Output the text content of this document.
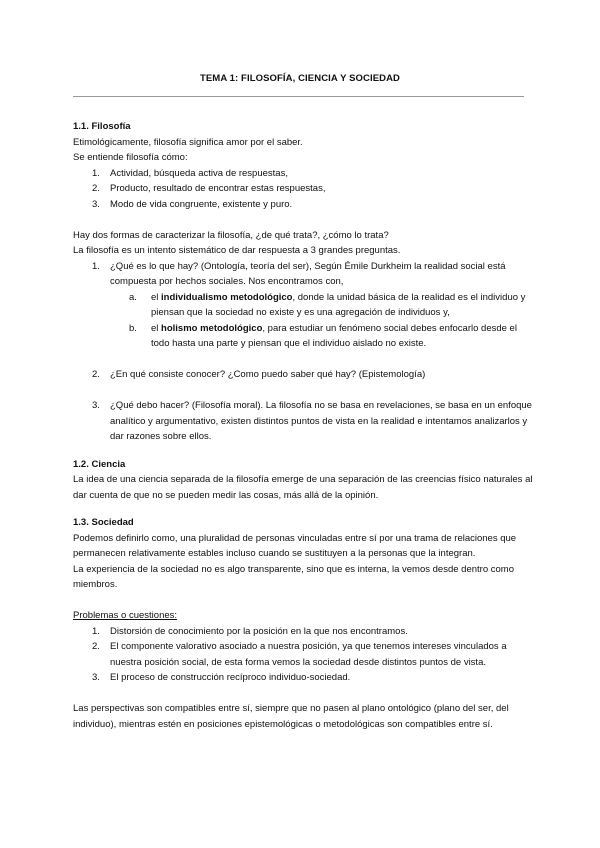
TEMA 1: FILOSOFÍA, CIENCIA Y SOCIEDAD

1.1. Filosofía

Etimológicamente, filosofía significa amor por el saber.

Se entiende filosofía cómo:

1. Actividad, búsqueda activa de respuestas,
2. Producto, resultado de encontrar estas respuestas,
3. Modo de vida congruente, existente y puro.

Hay dos formas de caracterizar la filosofía, ¿de qué trata?, ¿cómo lo trata?

La filosofía es un intento sistemático de dar respuesta a 3 grandes preguntas.

1. ¿Qué es lo que hay? (Ontología, teoría del ser), Según Émile Durkheim la realidad social está compuesta por hechos sociales. Nos encontramos con,
a. el individualismo metodológico, donde la unidad básica de la realidad es el individuo y piensan que la sociedad no existe y es una agregación de individuos y,
b. el holismo metodológico, para estudiar un fenómeno social debes enfocarlo desde el todo hasta una parte y piensan que el individuo aislado no existe.
2. ¿En qué consiste conocer? ¿Como puedo saber qué hay? (Epistemología)
3. ¿Qué debo hacer? (Filosofía moral). La filosofía no se basa en revelaciones, se basa en un enfoque analítico y argumentativo, existen distintos puntos de vista en la realidad e intentamos analizarlos y dar razones sobre ellos.

1.2. Ciencia

La idea de una ciencia separada de la filosofía emerge de una separación de las creencias físico naturales al dar cuenta de que no se pueden medir las cosas, más allá de la opinión.

1.3. Sociedad

Podemos definirlo como, una pluralidad de personas vinculadas entre sí por una trama de relaciones que permanecen relativamente estables incluso cuando se sustituyen a la personas que la integran.

La experiencia de la sociedad no es algo transparente, sino que es interna, la vemos desde dentro como miembros.

Problemas o cuestiones:

1. Distorsión de conocimiento por la posición en la que nos encontramos.
2. El componente valorativo asociado a nuestra posición, ya que tenemos intereses vinculados a nuestra posición social, de esta forma vemos la sociedad desde distintos puntos de vista.
3. El proceso de construcción recíproco individuo-sociedad.

Las perspectivas son compatibles entre sí, siempre que no pasen al plano ontológico (plano del ser, del individuo), mientras estén en posiciones epistemológicas o metodológicas son compatibles entre sí.
